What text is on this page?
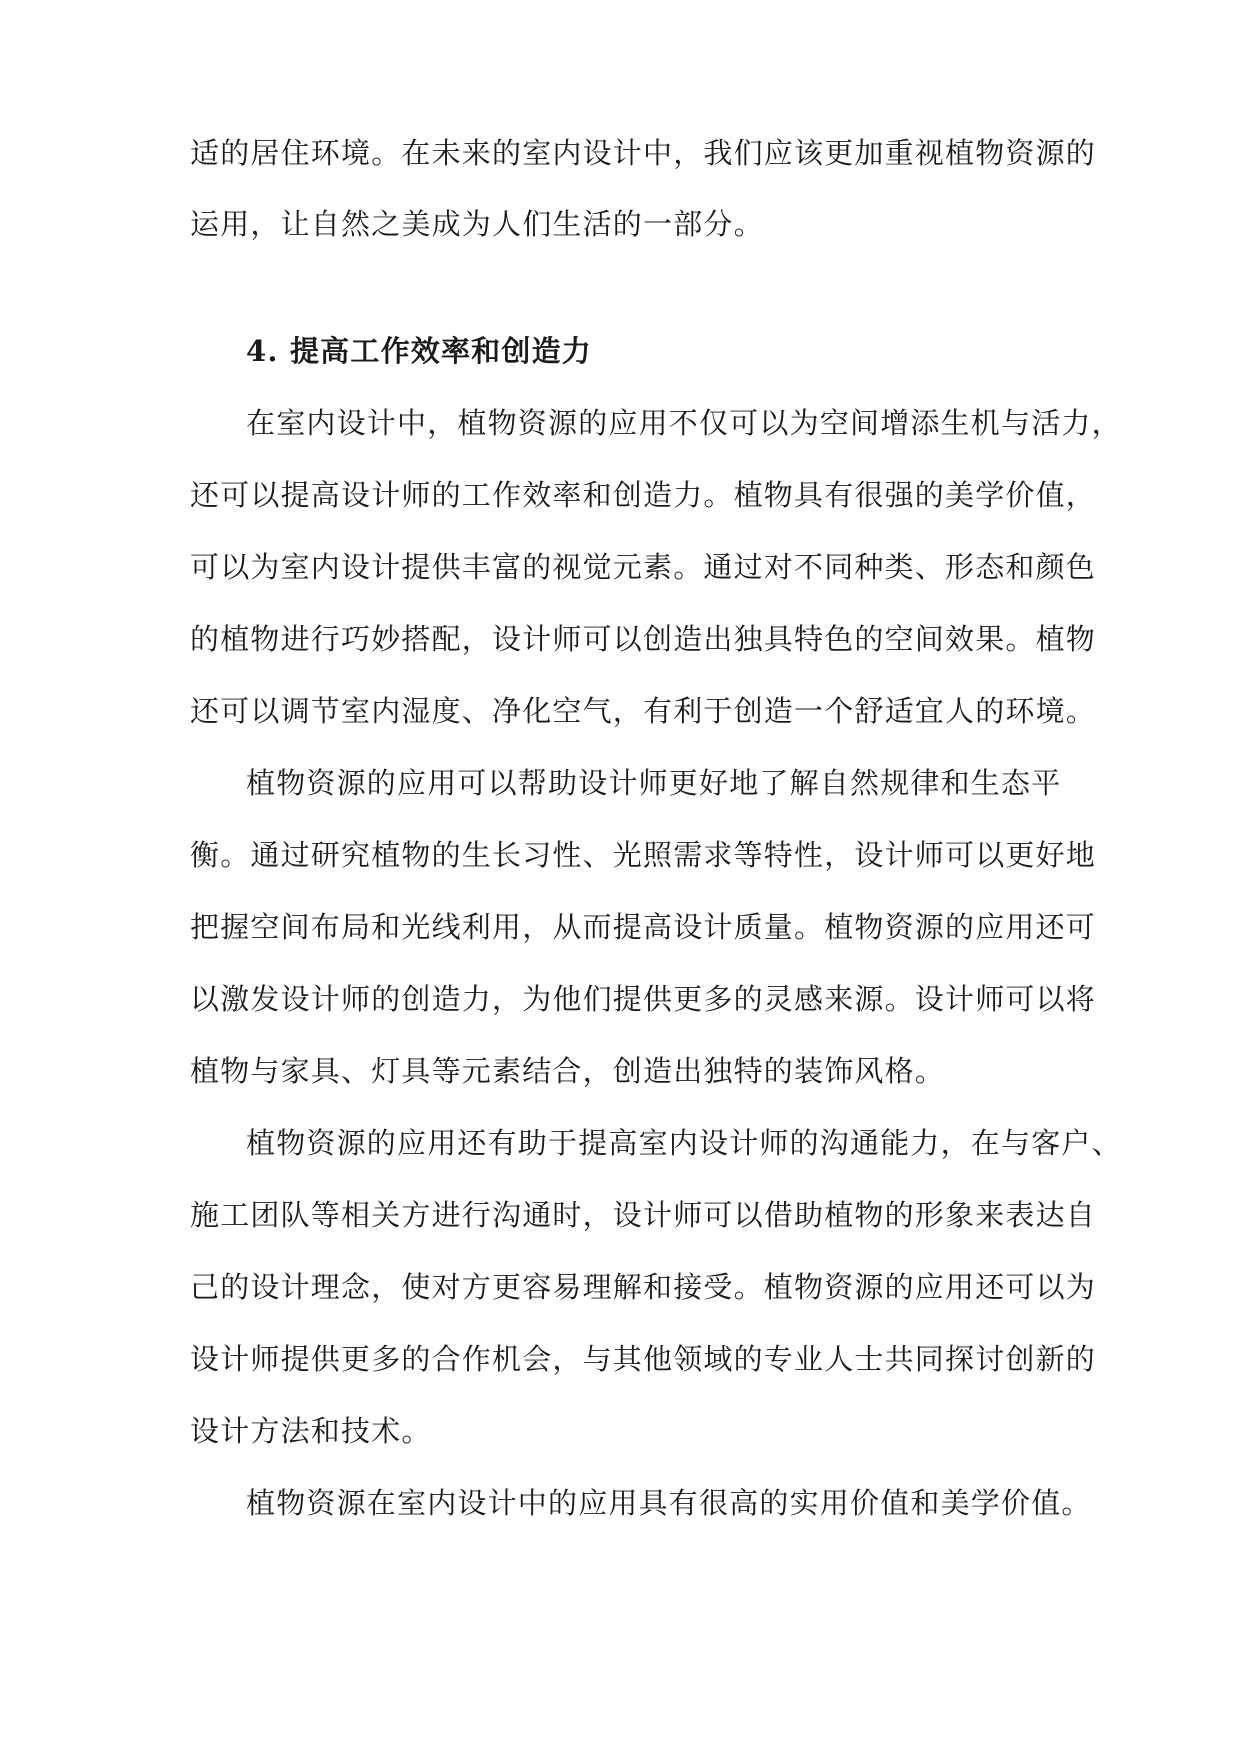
适的居住环境。在未来的室内设计中，我们应该更加重视植物资源的
运用，让自然之美成为人们生活的一部分。
4. 提高工作效率和创造力
在室内设计中，植物资源的应用不仅可以为空间增添生机与活力，
还可以提高设计师的工作效率和创造力。植物具有很强的美学价值，
可以为室内设计提供丰富的视觉元素。通过对不同种类、形态和颜色
的植物进行巧妙搭配，设计师可以创造出独具特色的空间效果。植物
还可以调节室内湿度、净化空气，有利于创造一个舒适宜人的环境。
植物资源的应用可以帮助设计师更好地了解自然规律和生态平
衡。通过研究植物的生长习性、光照需求等特性，设计师可以更好地
把握空间布局和光线利用，从而提高设计质量。植物资源的应用还可
以激发设计师的创造力，为他们提供更多的灵感来源。设计师可以将
植物与家具、灯具等元素结合，创造出独特的装饰风格。
植物资源的应用还有助于提高室内设计师的沟通能力，在与客户、
施工团队等相关方进行沟通时，设计师可以借助植物的形象来表达自
己的设计理念，使对方更容易理解和接受。植物资源的应用还可以为
设计师提供更多的合作机会，与其他领域的专业人士共同探讨创新的
设计方法和技术。
植物资源在室内设计中的应用具有很高的实用价值和美学价值。
